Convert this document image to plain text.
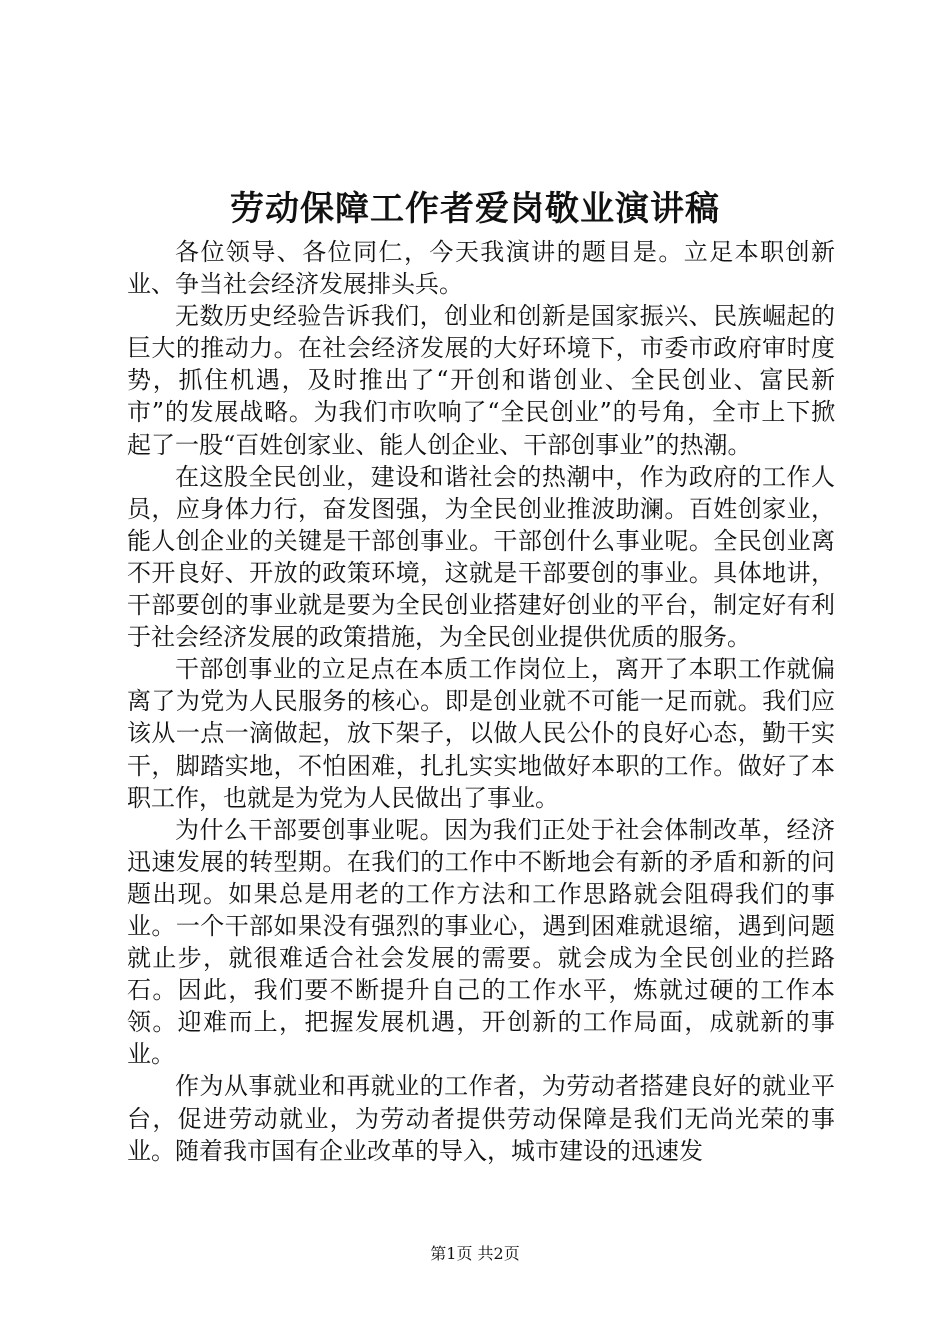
劳动保障工作者爱岗敬业演讲稿

各位领导、各位同仁，今天我演讲的题目是。立足本职创新业、争当社会经济发展排头兵。

无数历史经验告诉我们，创业和创新是国家振兴、民族崛起的巨大的推动力。在社会经济发展的大好环境下，市委市政府审时度势，抓住机遇，及时推出了“开创和谐创业、全民创业、富民新市”的发展战略。为我们市吹响了“全民创业”的号角，全市上下掀起了一股“百姓创家业、能人创企业、干部创事业”的热潮。

在这股全民创业，建设和谐社会的热潮中，作为政府的工作人员，应身体力行，奋发图强，为全民创业推波助澜。百姓创家业，能人创企业的关键是干部创事业。干部创什么事业呢。全民创业离不开良好、开放的政策环境，这就是干部要创的事业。具体地讲，干部要创的事业就是要为全民创业搭建好创业的平台，制定好有利于社会经济发展的政策措施，为全民创业提供优质的服务。

干部创事业的立足点在本质工作岗位上，离开了本职工作就偏离了为党为人民服务的核心。即是创业就不可能一足而就。我们应该从一点一滴做起，放下架子，以做人民公仆的良好心态，勤干实干，脚踏实地，不怕困难，扎扎实实地做好本职的工作。做好了本职工作，也就是为党为人民做出了事业。

为什么干部要创事业呢。因为我们正处于社会体制改革，经济迅速发展的转型期。在我们的工作中不断地会有新的矛盾和新的问题出现。如果总是用老的工作方法和工作思路就会阻碍我们的事业。一个干部如果没有强烈的事业心，遇到困难就退缩，遇到问题就止步，就很难适合社会发展的需要。就会成为全民创业的拦路石。因此，我们要不断提升自己的工作水平，炼就过硬的工作本领。迎难而上，把握发展机遇，开创新的工作局面，成就新的事业。

作为从事就业和再就业的工作者，为劳动者搭建良好的就业平台，促进劳动就业，为劳动者提供劳动保障是我们无尚光荣的事业。随着我市国有企业改革的导入，城市建设的迅速发

第1页 共2页
